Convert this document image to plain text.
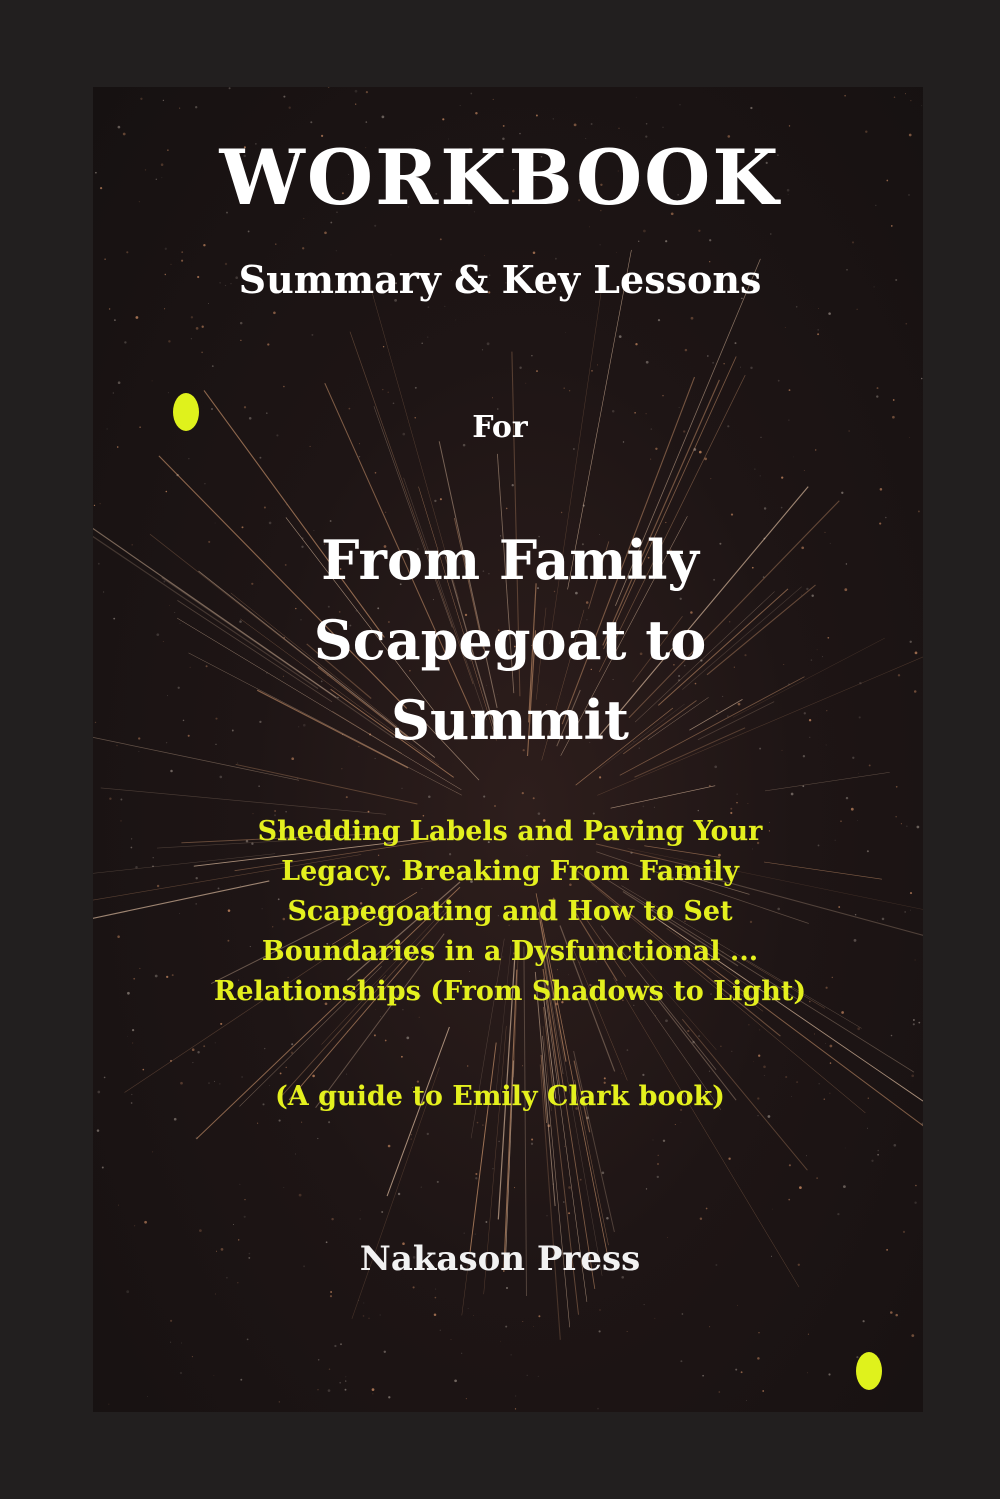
WORKBOOK
Summary & Key Lessons
For
From Family Scapegoat to Summit
Shedding Labels and Paving Your Legacy. Breaking From Family Scapegoating and How to Set Boundaries in a Dysfunctional ... Relationships (From Shadows to Light)
(A guide to Emily Clark book)
Nakason Press
